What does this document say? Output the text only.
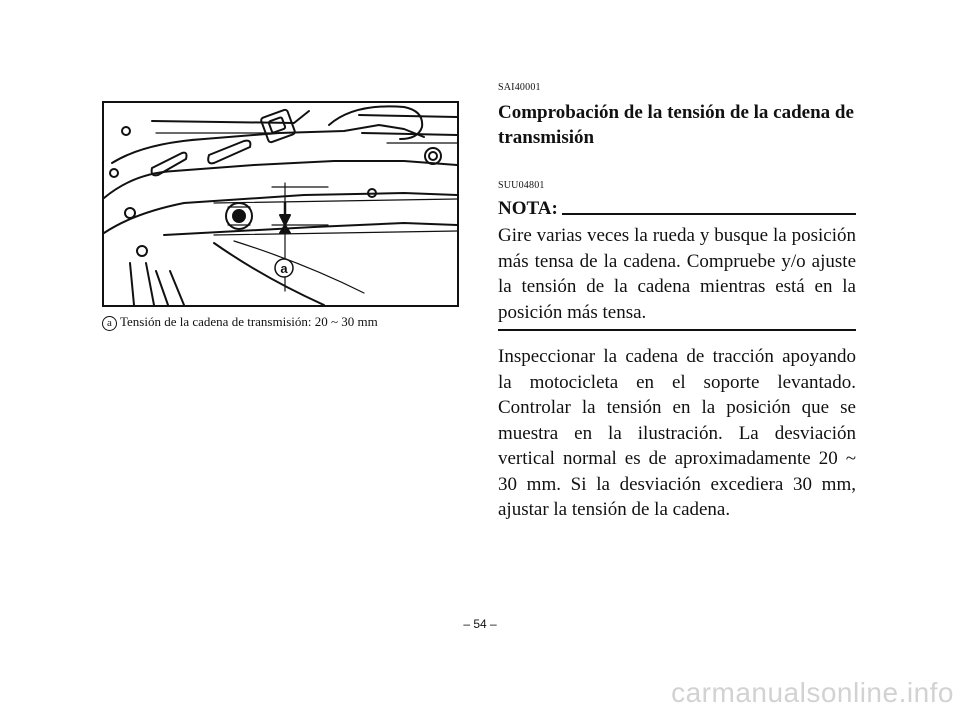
a
a Tensión de la cadena de transmisión: 20 ~ 30 mm
SAI40001
Comprobación de la tensión de la cadena de transmisión
SUU04801
NOTA:

Gire varias veces la rueda y busque la posición más tensa de la cadena. Compruebe y/o ajuste la tensión de la cadena mientras está en la posición más tensa.

Inspeccionar la cadena de tracción apoyando la motocicleta en el soporte levantado. Controlar la tensión en la posición que se muestra en la ilustración. La desviación vertical normal es de aproximadamente 20 ~ 30 mm. Si la desviación excediera 30 mm, ajustar la tensión de la cadena.

– 54 –
carmanualsonline.info
